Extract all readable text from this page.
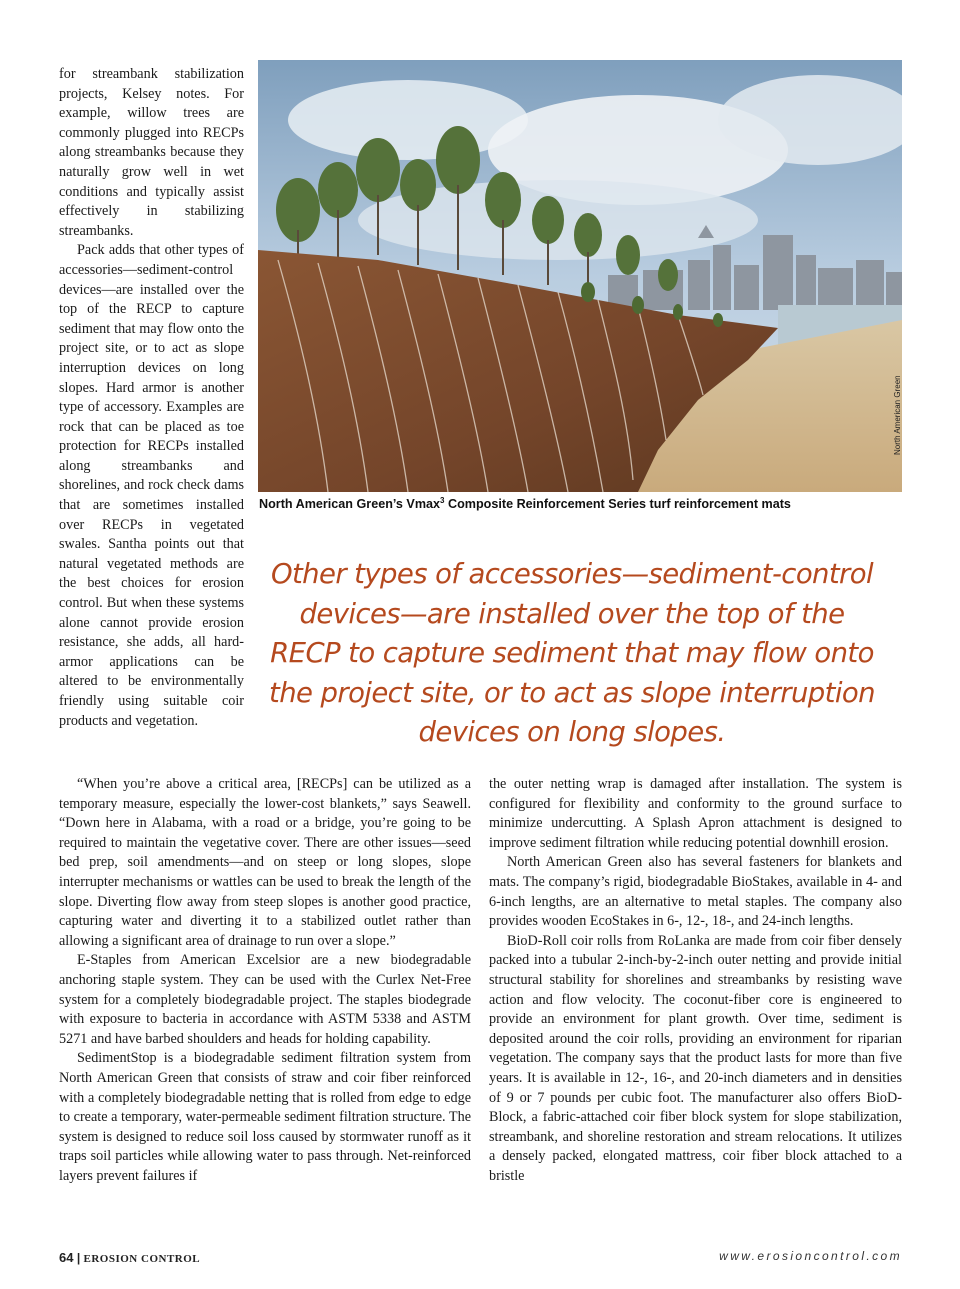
for streambank stabilization projects, Kelsey notes. For example, willow trees are commonly plugged into RECPs along streambanks because they naturally grow well in wet conditions and typically assist effectively in stabilizing streambanks.

Pack adds that other types of accessories—sediment-control devices—are installed over the top of the RECP to capture sediment that may flow onto the project site, or to act as slope interruption devices on long slopes. Hard armor is another type of accessory. Examples are rock that can be placed as toe protection for RECPs installed along streambanks and shorelines, and rock check dams that are sometimes installed over RECPs in vegetated swales. Santha points out that natural vegetated methods are the best choices for erosion control. But when these systems alone cannot provide erosion resistance, she adds, all hard-armor applications can be altered to be environmentally friendly using suitable coir products and vegetation.

North American Green
North American Green’s Vmax$^3$ Composite Reinforcement Series turf reinforcement mats
Other types of accessories—sediment-control devices—are installed over the top of the RECP to capture sediment that may flow onto the project site, or to act as slope interruption devices on long slopes.

“When you’re above a critical area, [RECPs] can be utilized as a temporary measure, especially the lower-cost blankets,” says Seawell. “Down here in Alabama, with a road or a bridge, you’re going to be required to maintain the vegetative cover. There are other issues—seed bed prep, soil amendments—and on steep or long slopes, slope interrupter mechanisms or wattles can be used to break the length of the slope. Diverting flow away from steep slopes is another good practice, capturing water and diverting it to a stabilized outlet rather than allowing a significant area of drainage to run over a slope.”

E-Staples from American Excelsior are a new biodegradable anchoring staple system. They can be used with the Curlex Net-Free system for a completely biodegradable project. The staples biodegrade with exposure to bacteria in accordance with ASTM 5338 and ASTM 5271 and have barbed shoulders and heads for holding capability.

SedimentStop is a biodegradable sediment filtration system from North American Green that consists of straw and coir fiber reinforced with a completely biodegradable netting that is rolled from edge to edge to create a temporary, water-permeable sediment filtration structure. The system is designed to reduce soil loss caused by stormwater runoff as it traps soil particles while allowing water to pass through. Net-reinforced layers prevent failures if

the outer netting wrap is damaged after installation. The system is configured for flexibility and conformity to the ground surface to minimize undercutting. A Splash Apron attachment is designed to improve sediment filtration while reducing potential downhill erosion.

North American Green also has several fasteners for blankets and mats. The company’s rigid, biodegradable BioStakes, available in 4- and 6-inch lengths, are an alternative to metal staples. The company also provides wooden EcoStakes in 6-, 12-, 18-, and 24-inch lengths.

BioD-Roll coir rolls from RoLanka are made from coir fiber densely packed into a tubular 2-inch-by-2-inch outer netting and provide initial structural stability for shorelines and streambanks by resisting wave action and flow velocity. The coconut-fiber core is engineered to provide an environment for plant growth. Over time, sediment is deposited around the coir rolls, providing an environment for riparian vegetation. The company says that the product lasts for more than five years. It is available in 12-, 16-, and 20-inch diameters and in densities of 9 or 7 pounds per cubic foot. The manufacturer also offers BioD-Block, a fabric-attached coir fiber block system for slope stabilization, streambank, and shoreline restoration and stream relocations. It utilizes a densely packed, elongated mattress, coir fiber block attached to a bristle

64 | EROSION CONTROL	www.erosioncontrol.com
